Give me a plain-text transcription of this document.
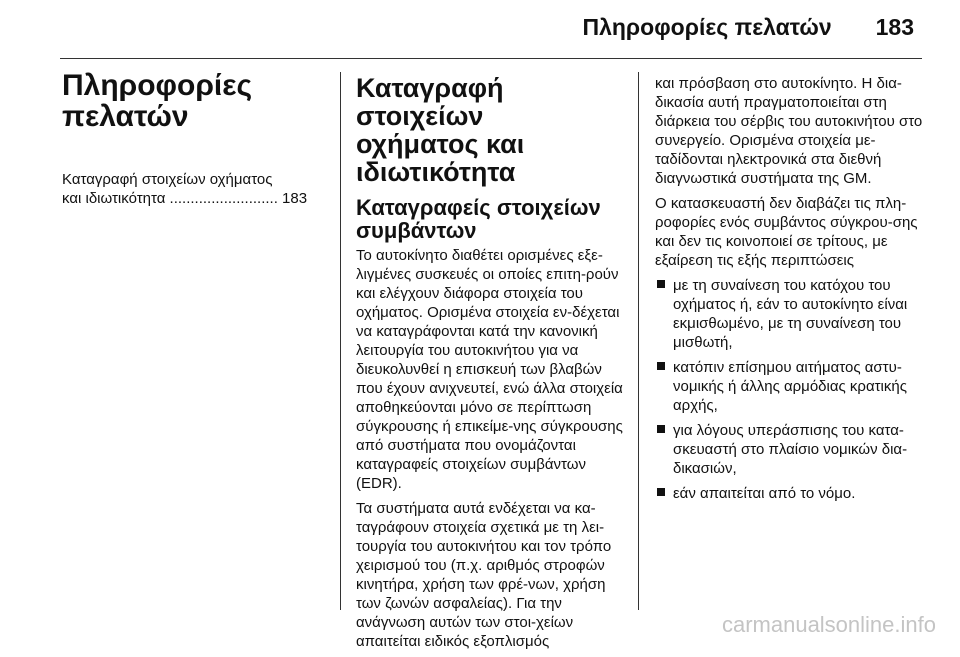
Πληροφορίες πελατών 183
Πληροφορίες
πελατών
Καταγραφή στοιχείων οχήματος
και ιδιωτικότητα .......................... 183
Καταγραφή στοιχείων
οχήματος και
ιδιωτικότητα
Καταγραφείς στοιχείων
συμβάντων

Το αυτοκίνητο διαθέτει ορισμένες εξε-λιγμένες συσκευές οι οποίες επιτη-ρούν και ελέγχουν διάφορα στοιχεία του οχήματος. Ορισμένα στοιχεία εν-δέχεται να καταγράφονται κατά την κανονική λειτουργία του αυτοκινήτου για να διευκολυνθεί η επισκευή των βλαβών που έχουν ανιχνευτεί, ενώ άλλα στοιχεία αποθηκεύονται μόνο σε περίπτωση σύγκρουσης ή επικείμε-νης σύγκρουσης από συστήματα που ονομάζονται καταγραφείς στοιχείων συμβάντων (EDR).

Τα συστήματα αυτά ενδέχεται να κα-ταγράφουν στοιχεία σχετικά με τη λει-τουργία του αυτοκινήτου και τον τρόπο χειρισμού του (π.χ. αριθμός στροφών κινητήρα, χρήση των φρέ-νων, χρήση των ζωνών ασφαλείας). Για την ανάγνωση αυτών των στοι-χείων απαιτείται ειδικός εξοπλισμός

και πρόσβαση στο αυτοκίνητο. Η δια-δικασία αυτή πραγματοποιείται στη διάρκεια του σέρβις του αυτοκινήτου στο συνεργείο. Ορισμένα στοιχεία με-ταδίδονται ηλεκτρονικά στα διεθνή διαγνωστικά συστήματα της GM.

Ο κατασκευαστή δεν διαβάζει τις πλη-ροφορίες ενός συμβάντος σύγκρου-σης και δεν τις κοινοποιεί σε τρίτους, με εξαίρεση τις εξής περιπτώσεις

με τη συναίνεση του κατόχου του οχήματος ή, εάν το αυτοκίνητο είναι εκμισθωμένο, με τη συναίνεση του μισθωτή,
κατόπιν επίσημου αιτήματος αστυ-νομικής ή άλλης αρμόδιας κρατικής αρχής,
για λόγους υπεράσπισης του κατα-σκευαστή στο πλαίσιο νομικών δια-δικασιών,
εάν απαιτείται από το νόμο.
carmanualsonline.info
